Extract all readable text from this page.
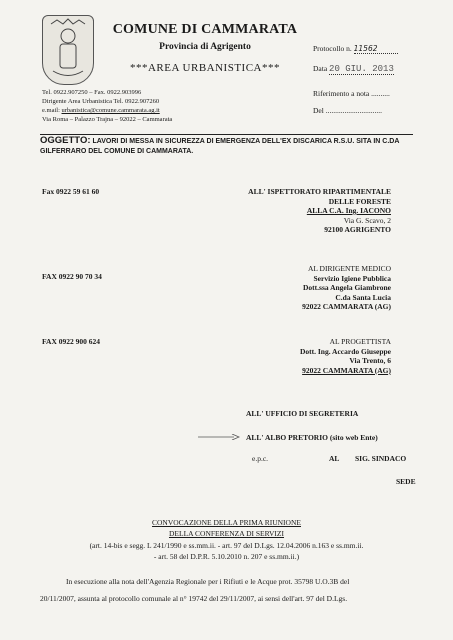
COMUNE DI CAMMARATA
Provincia di Agrigento
***AREA URBANISTICA***
Protocollo n. 11562
Data 20 GIU. 2013
Riferimento a nota ..........
Del ..............................
Tel. 0922.907250 – Fax. 0922.903996
Dirigente Area Urbanistica Tel. 0922.907260
e.mail: urbanistica@comune.cammarata.ag.it
Via Roma – Palazzo Trajna – 92022 – Cammarata
OGGETTO: LAVORI DI MESSA IN SICUREZZA DI EMERGENZA DELL'EX DISCARICA R.S.U. SITA IN C.DA GILFERRARO DEL COMUNE DI CAMMARATA.
Fax 0922 59 61 60	ALL' ISPETTORATO RIPARTIMENTALE
DELLE FORESTE
ALLA C.A. Ing. IACONO
Via G. Scavo, 2
92100 AGRIGENTO
FAX 0922 90 70 34
AL DIRIGENTE MEDICO
Servizio Igiene Pubblica
Dott.ssa Angela Giambrone
C.da Santa Lucia
92022 CAMMARATA (AG)
FAX 0922 900 624	AL PROGETTISTA
Dott. Ing. Accardo Giuseppe
Via Trento, 6
92022 CAMMARATA (AG)
ALL' UFFICIO DI SEGRETERIA
ALL' ALBO PRETORIO (sito web Ente)
e.p.c.	AL SIG. SINDACO
SEDE
CONVOCAZIONE DELLA PRIMA RIUNIONE
DELLA CONFERENZA DI SERVIZI
(art. 14-bis e segg. L 241/1990 e ss.mm.ii. - art. 97 del D.Lgs. 12.04.2006 n.163 e ss.mm.ii.
- art. 58 del D.P.R. 5.10.2010 n. 207 e ss.mm.ii.)
In esecuzione alla nota dell'Agenzia Regionale per i Rifiuti e le Acque prot. 35798 U.O.3B del
20/11/2007, assunta al protocollo comunale al n° 19742 del 29/11/2007, ai sensi dell'art. 97 del D.Lgs.
